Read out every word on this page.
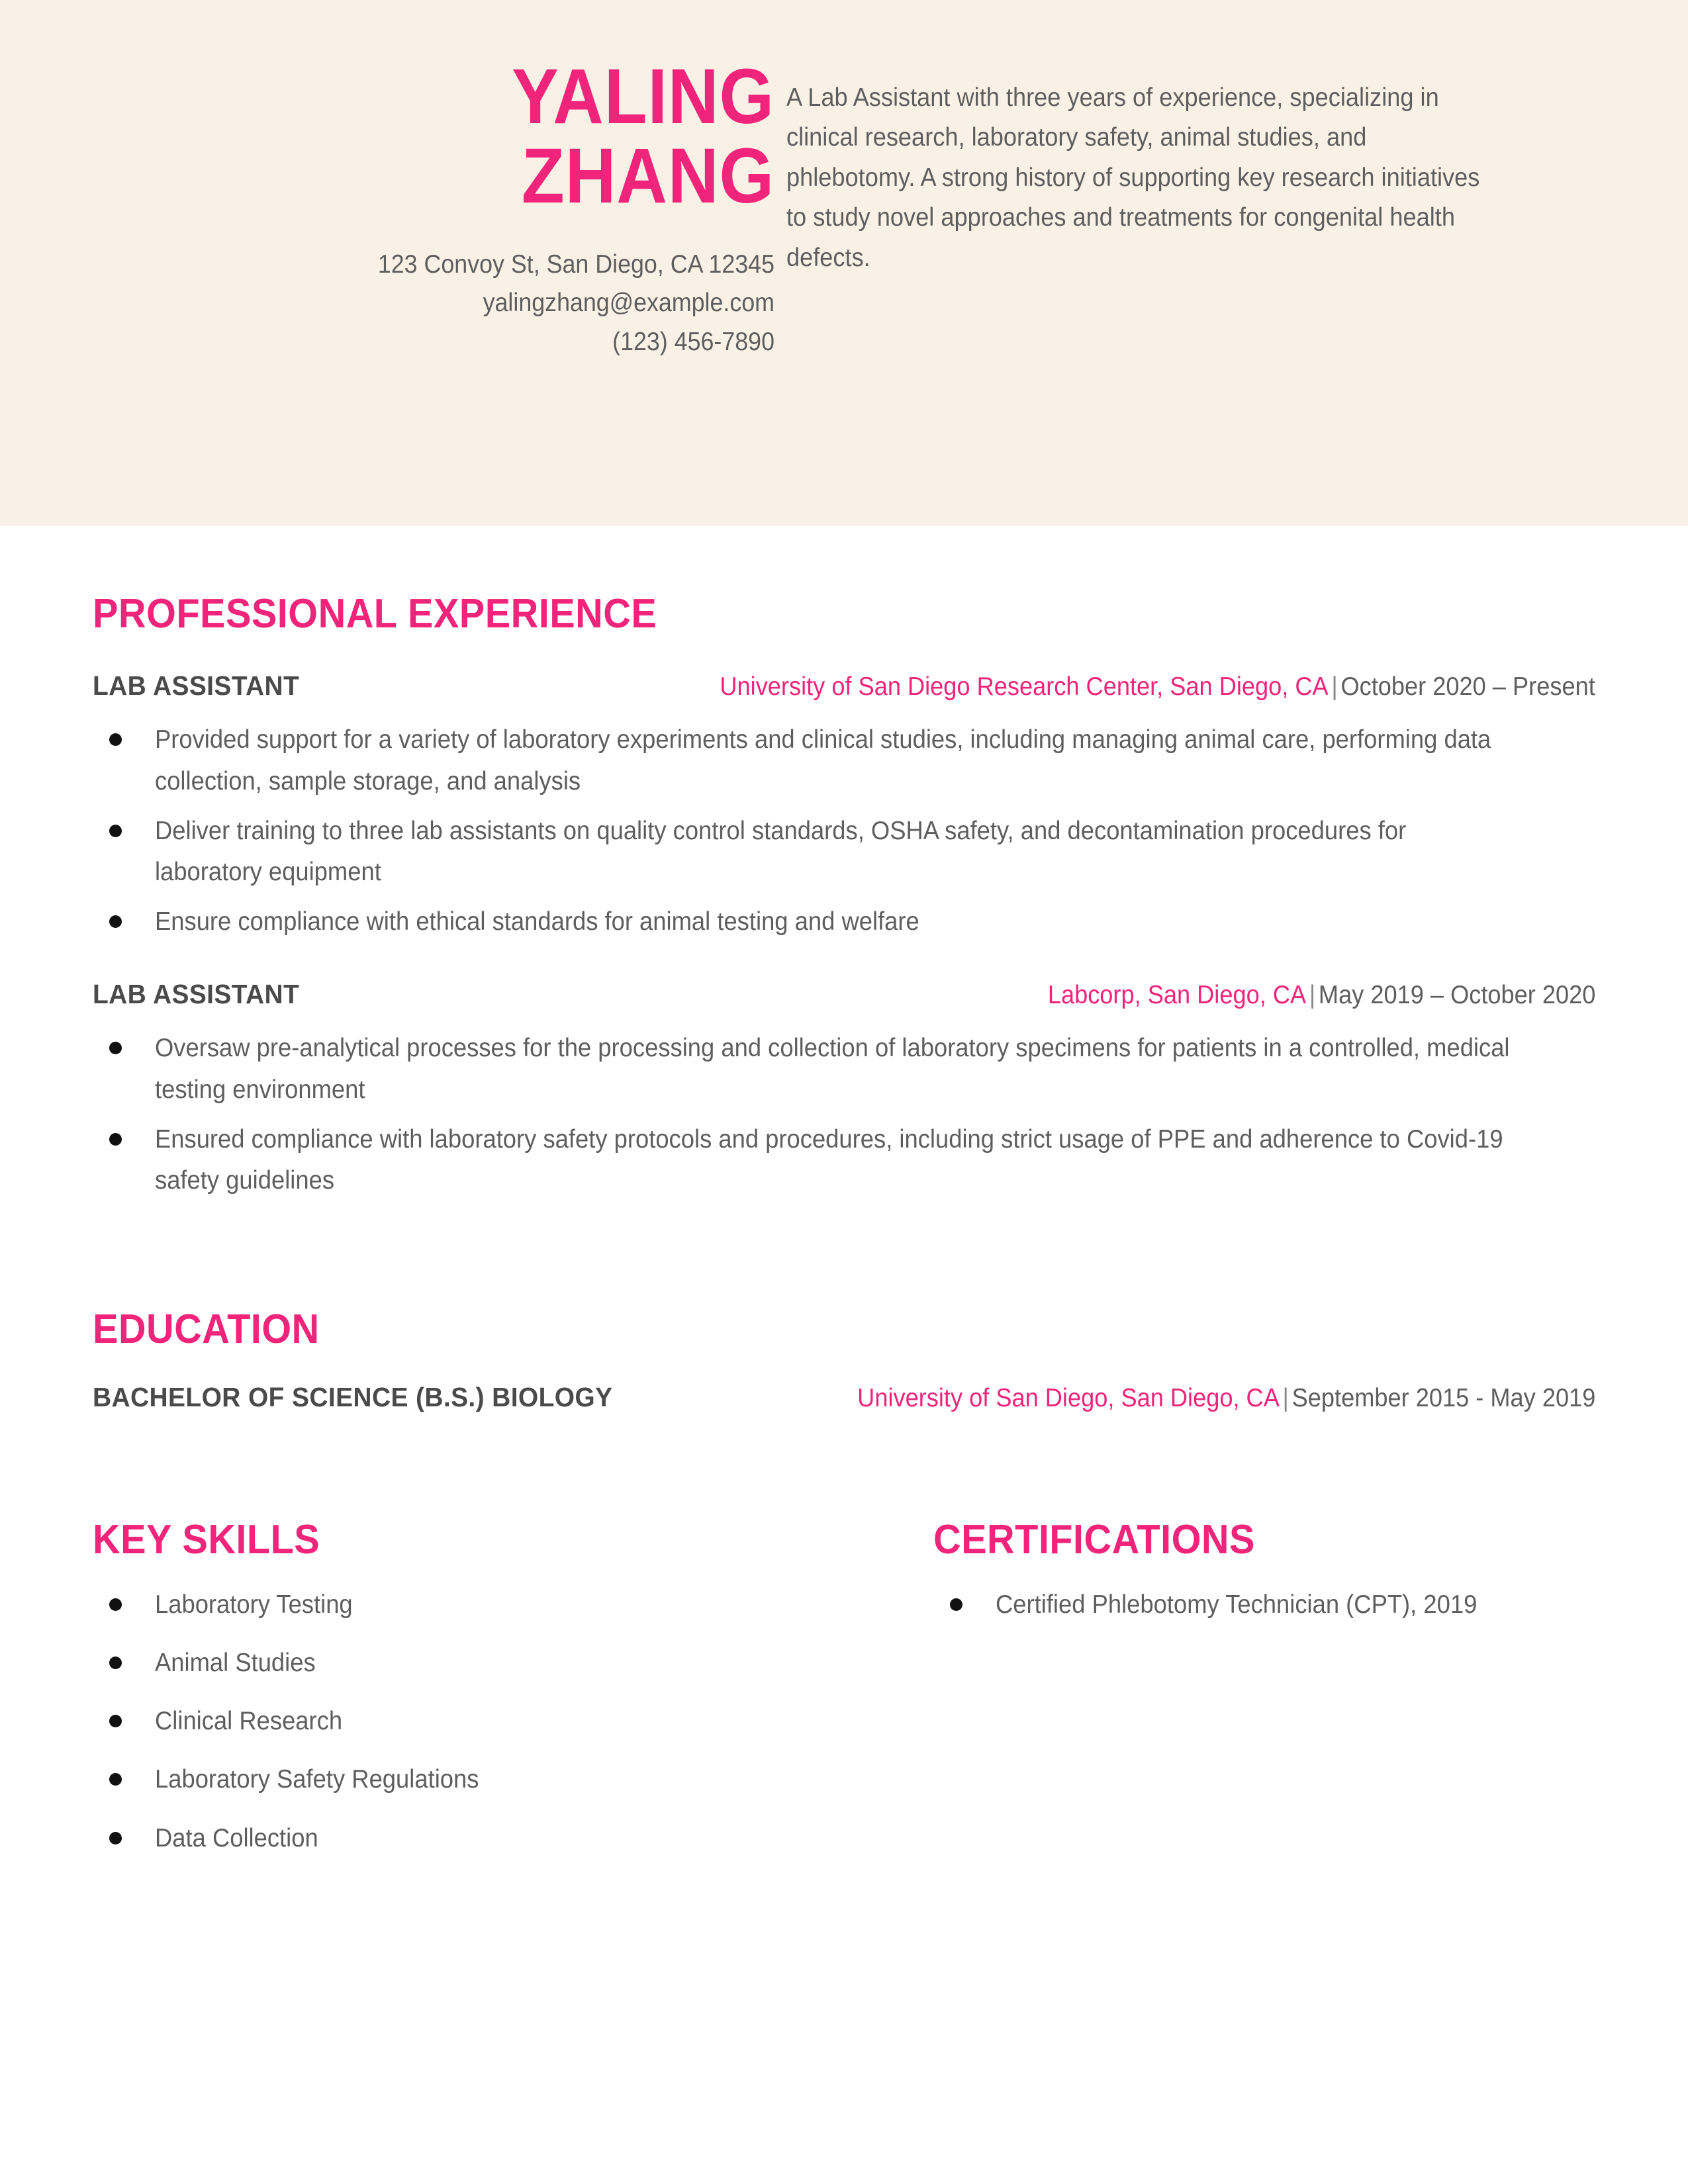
YALING
ZHANG
123 Convoy St, San Diego, CA 12345
yalingzhang@example.com
(123) 456-7890

A Lab Assistant with three years of experience, specializing in clinical research, laboratory safety, animal studies, and phlebotomy. A strong history of supporting key research initiatives to study novel approaches and treatments for congenital health defects.

PROFESSIONAL EXPERIENCE
LAB ASSISTANT	University of San Diego Research Center, San Diego, CA | October 2020 – Present
Provided support for a variety of laboratory experiments and clinical studies, including managing animal care, performing data collection, sample storage, and analysis
Deliver training to three lab assistants on quality control standards, OSHA safety, and decontamination procedures for laboratory equipment
Ensure compliance with ethical standards for animal testing and welfare
LAB ASSISTANT	Labcorp, San Diego, CA | May 2019 – October 2020
Oversaw pre-analytical processes for the processing and collection of laboratory specimens for patients in a controlled, medical testing environment
Ensured compliance with laboratory safety protocols and procedures, including strict usage of PPE and adherence to Covid-19 safety guidelines
EDUCATION
BACHELOR OF SCIENCE (B.S.) BIOLOGY	University of San Diego, San Diego, CA | September 2015 - May 2019
KEY SKILLS
Laboratory Testing
Animal Studies
Clinical Research
Laboratory Safety Regulations
Data Collection
CERTIFICATIONS
Certified Phlebotomy Technician (CPT), 2019
